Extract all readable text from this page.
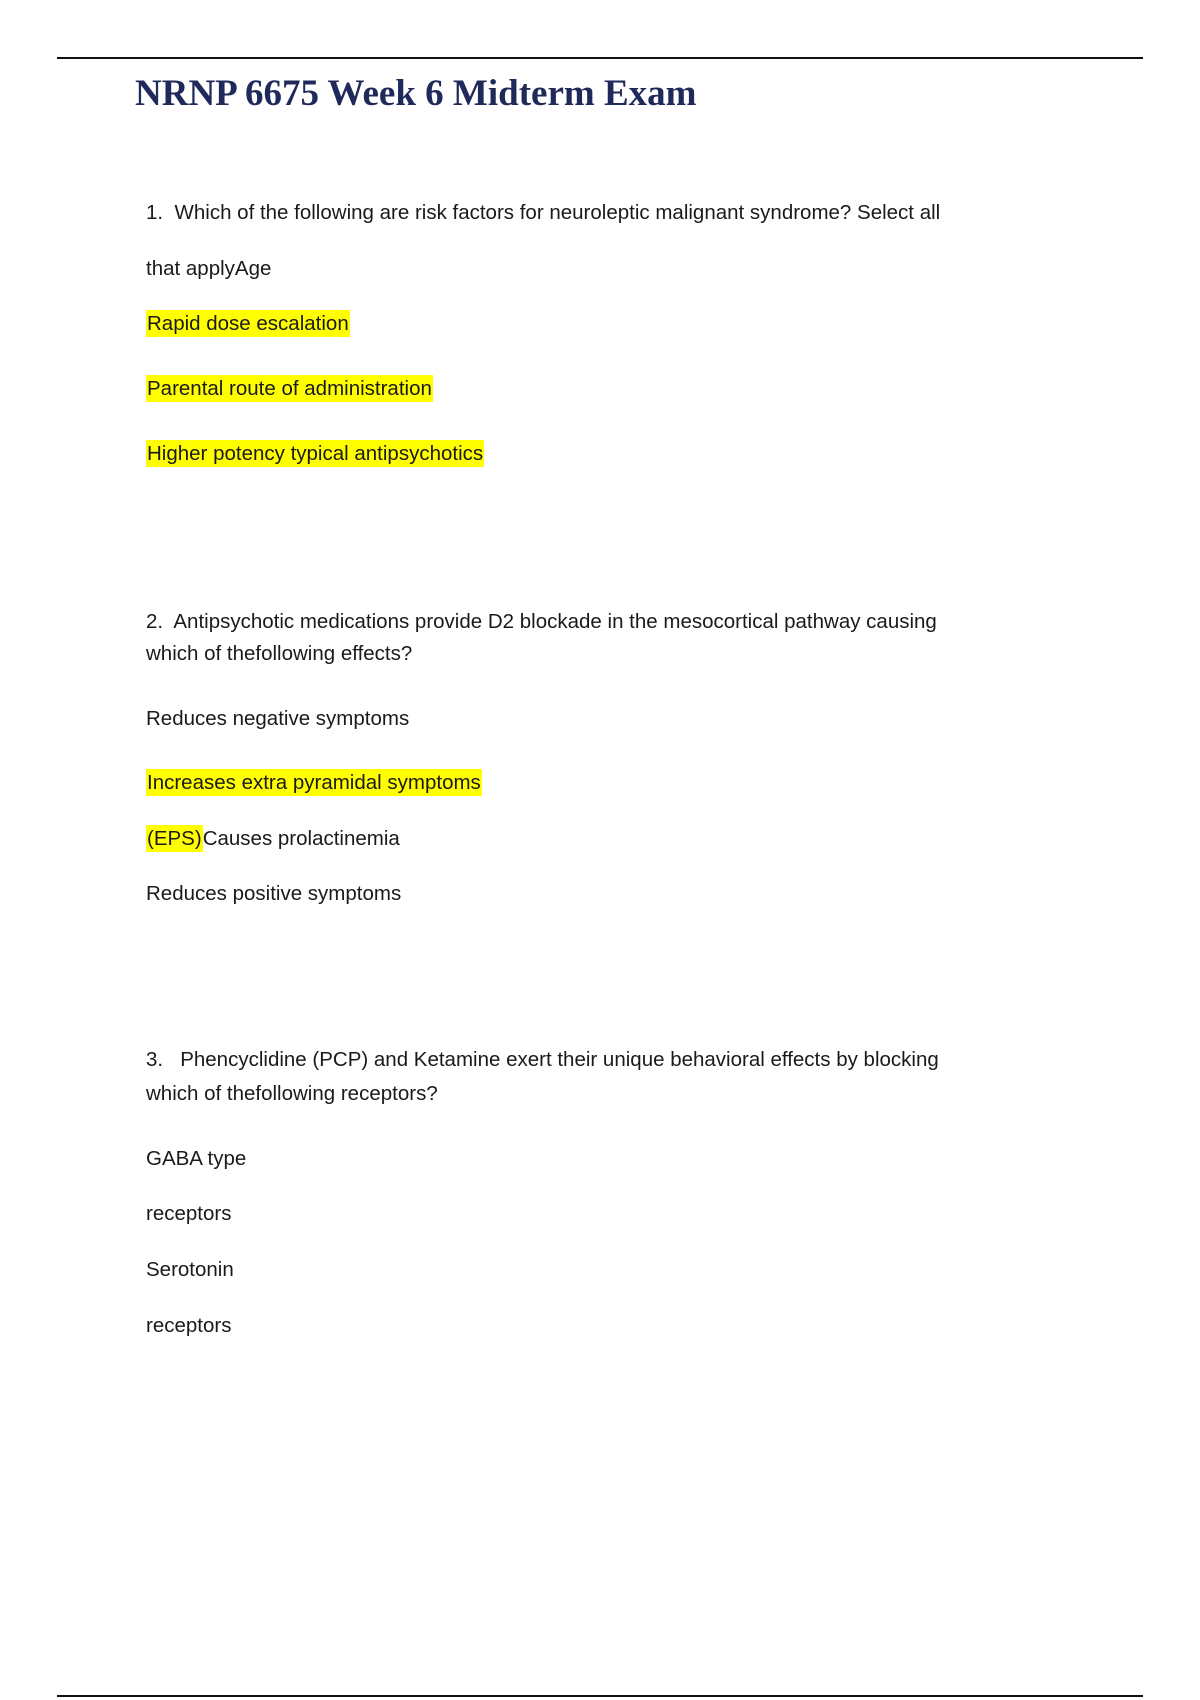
NRNP 6675 Week 6 Midterm Exam

1. Which of the following are risk factors for neuroleptic malignant syndrome? Select all

that applyAge

Rapid dose escalation

Parental route of administration

Higher potency typical antipsychotics

2. Antipsychotic medications provide D2 blockade in the mesocortical pathway causing

which of thefollowing effects?

Reduces negative symptoms

Increases extra pyramidal symptoms

(EPS)Causes prolactinemia

Reduces positive symptoms

3. Phencyclidine (PCP) and Ketamine exert their unique behavioral effects by blocking

which of thefollowing receptors?

GABA type

receptors

Serotonin

receptors
